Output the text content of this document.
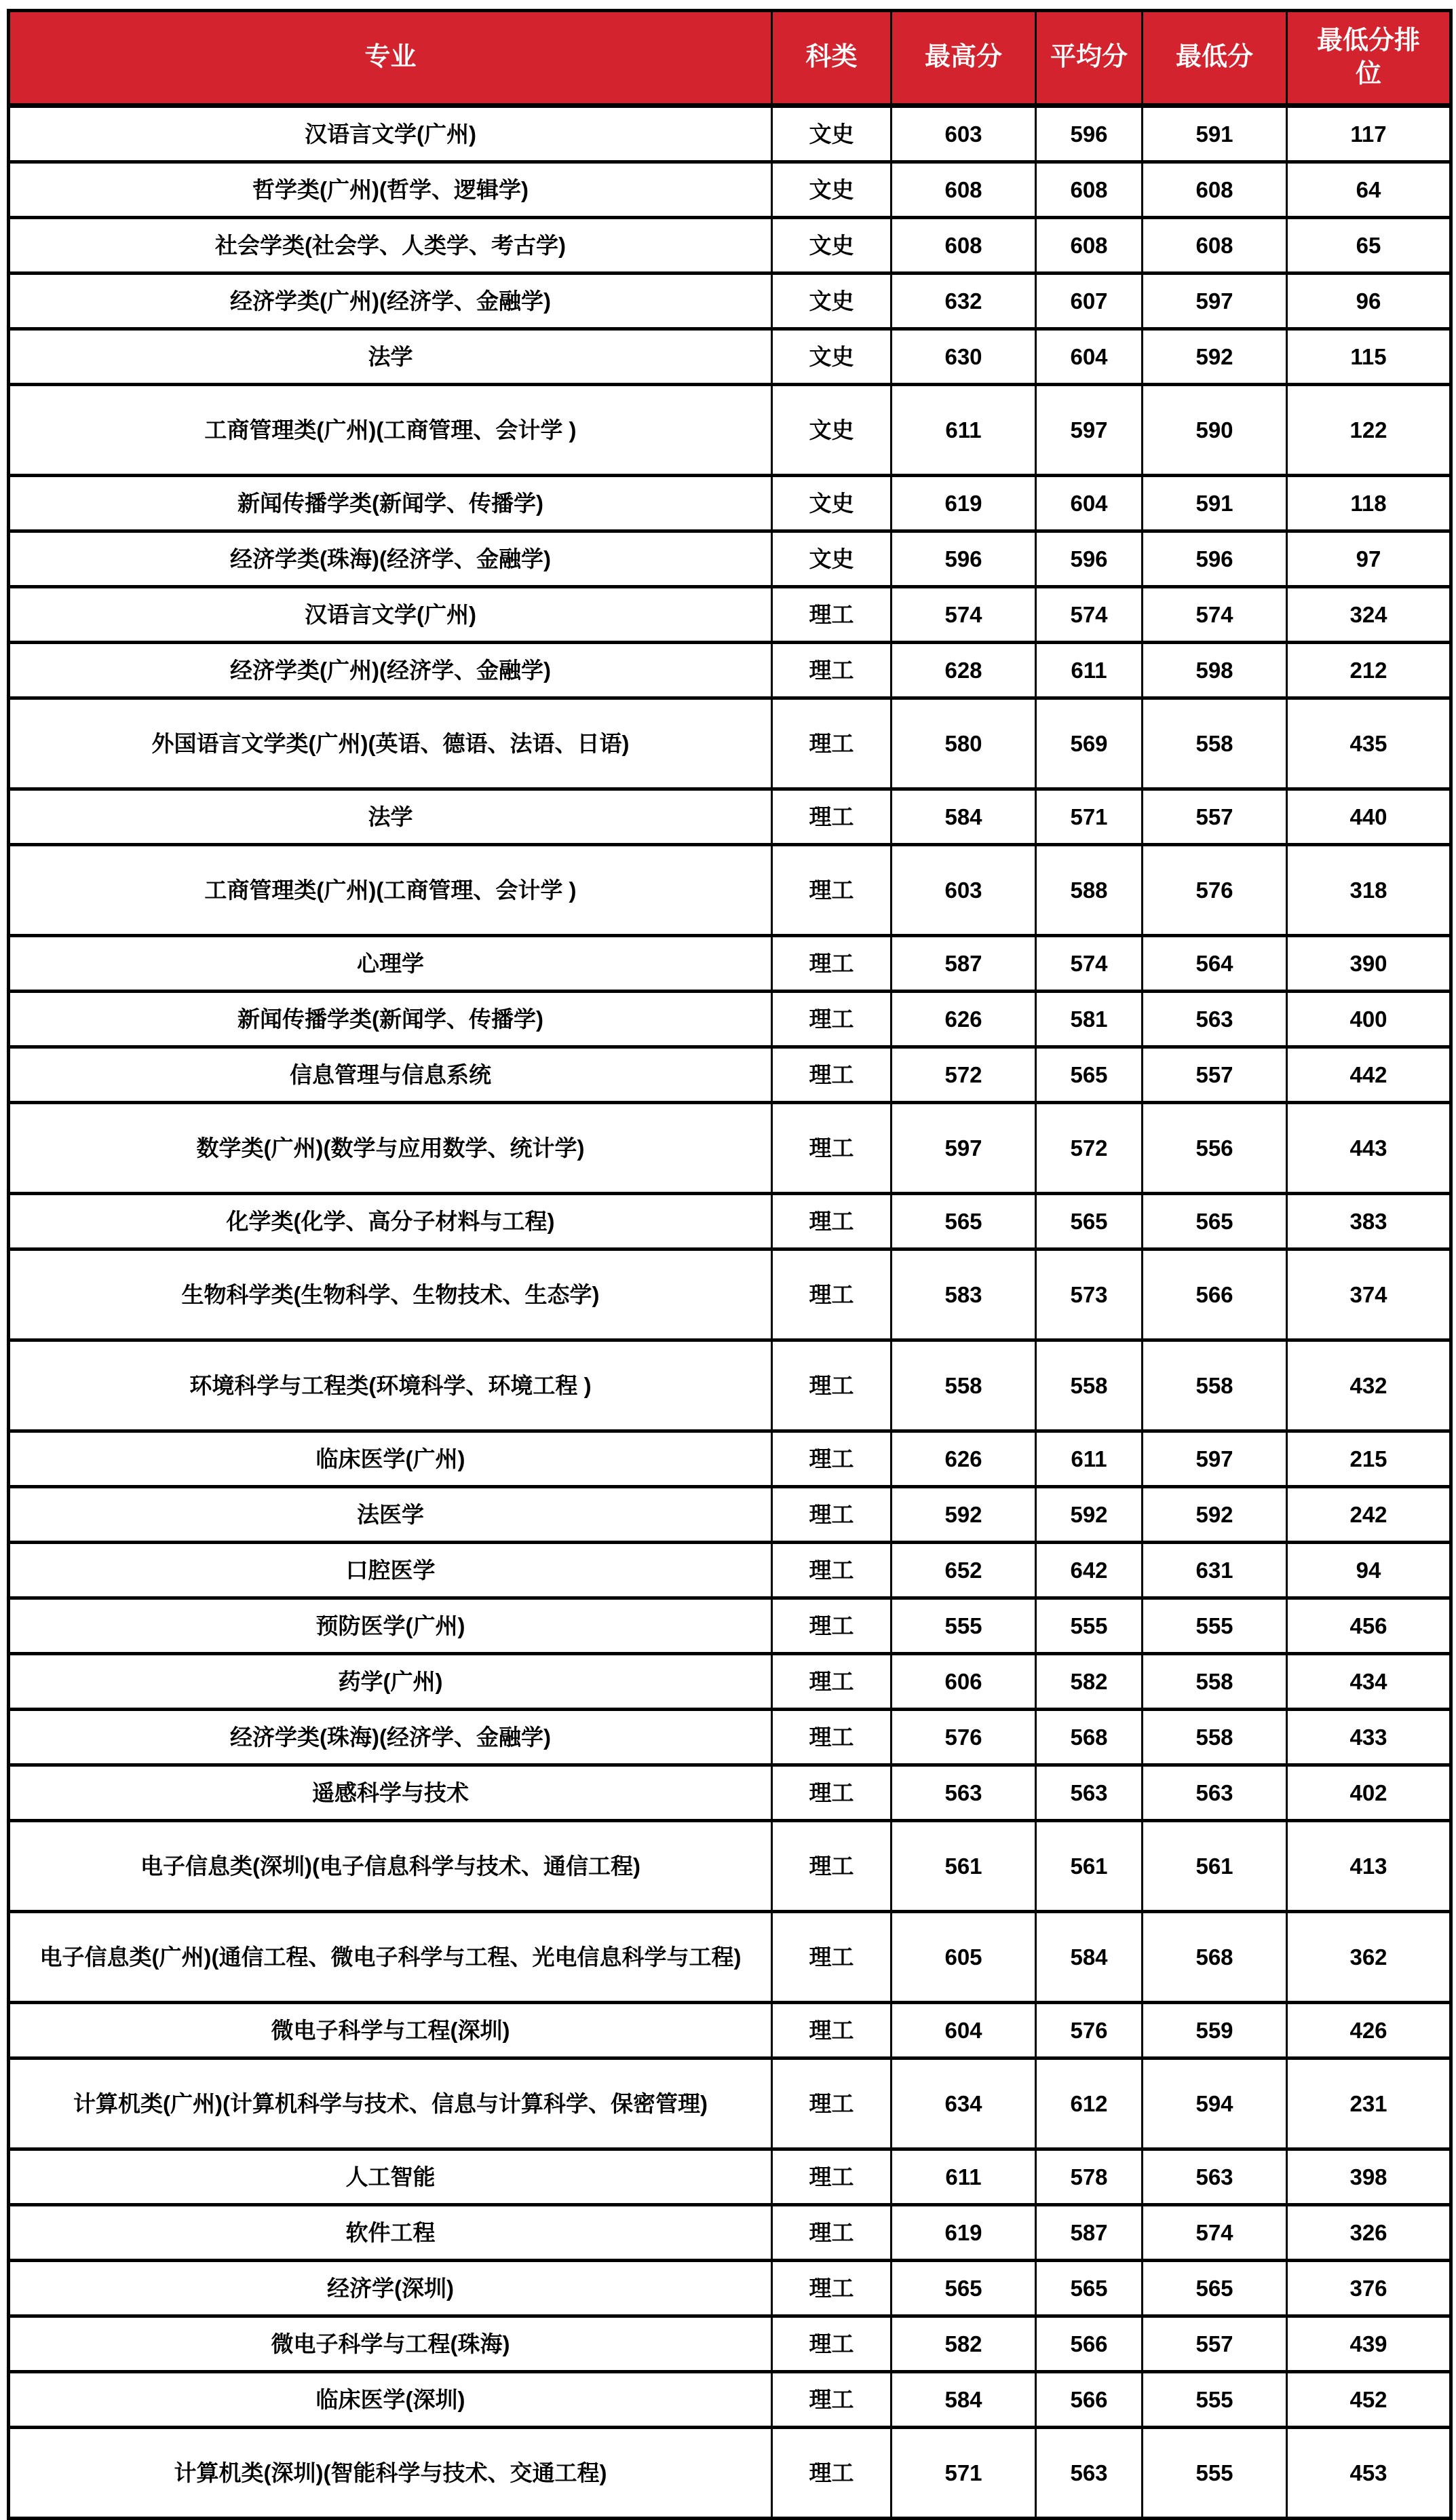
专业	科类	最高分	平均分	最低分	最低分排位
汉语言文学(广州)	文史	603	596	591	117
哲学类(广州)(哲学、逻辑学)	文史	608	608	608	64
社会学类(社会学、人类学、考古学)	文史	608	608	608	65
经济学类(广州)(经济学、金融学)	文史	632	607	597	96
法学	文史	630	604	592	115
工商管理类(广州)(工商管理、会计学 )	文史	611	597	590	122
新闻传播学类(新闻学、传播学)	文史	619	604	591	118
经济学类(珠海)(经济学、金融学)	文史	596	596	596	97
汉语言文学(广州)	理工	574	574	574	324
经济学类(广州)(经济学、金融学)	理工	628	611	598	212
外国语言文学类(广州)(英语、德语、法语、日语)	理工	580	569	558	435
法学	理工	584	571	557	440
工商管理类(广州)(工商管理、会计学 )	理工	603	588	576	318
心理学	理工	587	574	564	390
新闻传播学类(新闻学、传播学)	理工	626	581	563	400
信息管理与信息系统	理工	572	565	557	442
数学类(广州)(数学与应用数学、统计学)	理工	597	572	556	443
化学类(化学、高分子材料与工程)	理工	565	565	565	383
生物科学类(生物科学、生物技术、生态学)	理工	583	573	566	374
环境科学与工程类(环境科学、环境工程 )	理工	558	558	558	432
临床医学(广州)	理工	626	611	597	215
法医学	理工	592	592	592	242
口腔医学	理工	652	642	631	94
预防医学(广州)	理工	555	555	555	456
药学(广州)	理工	606	582	558	434
经济学类(珠海)(经济学、金融学)	理工	576	568	558	433
遥感科学与技术	理工	563	563	563	402
电子信息类(深圳)(电子信息科学与技术、通信工程)	理工	561	561	561	413
电子信息类(广州)(通信工程、微电子科学与工程、光电信息科学与工程)	理工	605	584	568	362
微电子科学与工程(深圳)	理工	604	576	559	426
计算机类(广州)(计算机科学与技术、信息与计算科学、保密管理)	理工	634	612	594	231
人工智能	理工	611	578	563	398
软件工程	理工	619	587	574	326
经济学(深圳)	理工	565	565	565	376
微电子科学与工程(珠海)	理工	582	566	557	439
临床医学(深圳)	理工	584	566	555	452
计算机类(深圳)(智能科学与技术、交通工程)	理工	571	563	555	453
